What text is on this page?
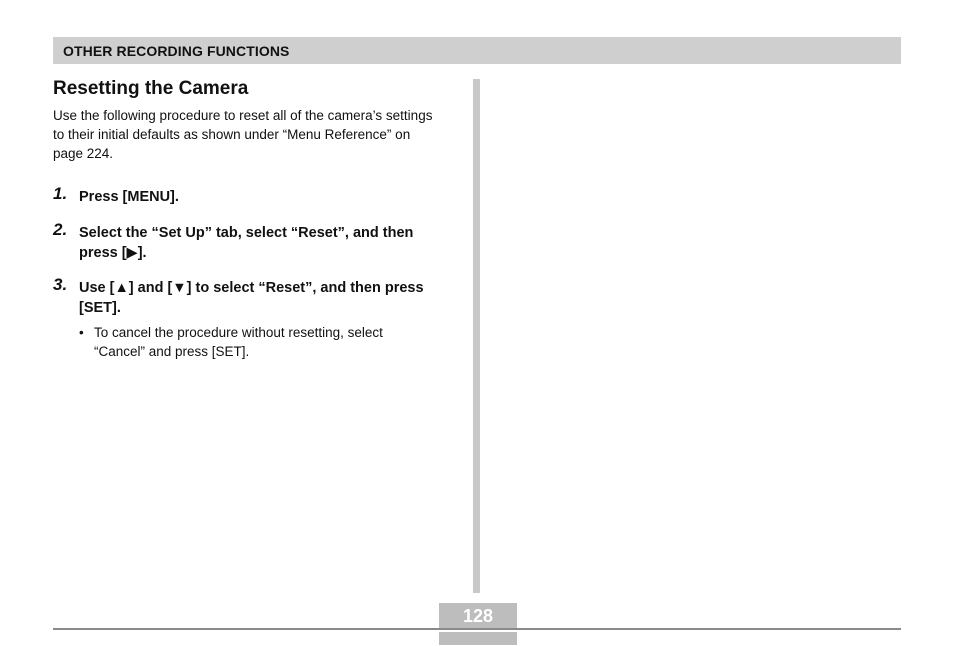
OTHER RECORDING FUNCTIONS
Resetting the Camera
Use the following procedure to reset all of the camera’s settings to their initial defaults as shown under “Menu Reference” on page 224.
1. Press [MENU].
2. Select the “Set Up” tab, select “Reset”, and then press [▶].
3. Use [▲] and [▼] to select “Reset”, and then press [SET].
• To cancel the procedure without resetting, select “Cancel” and press [SET].
128
